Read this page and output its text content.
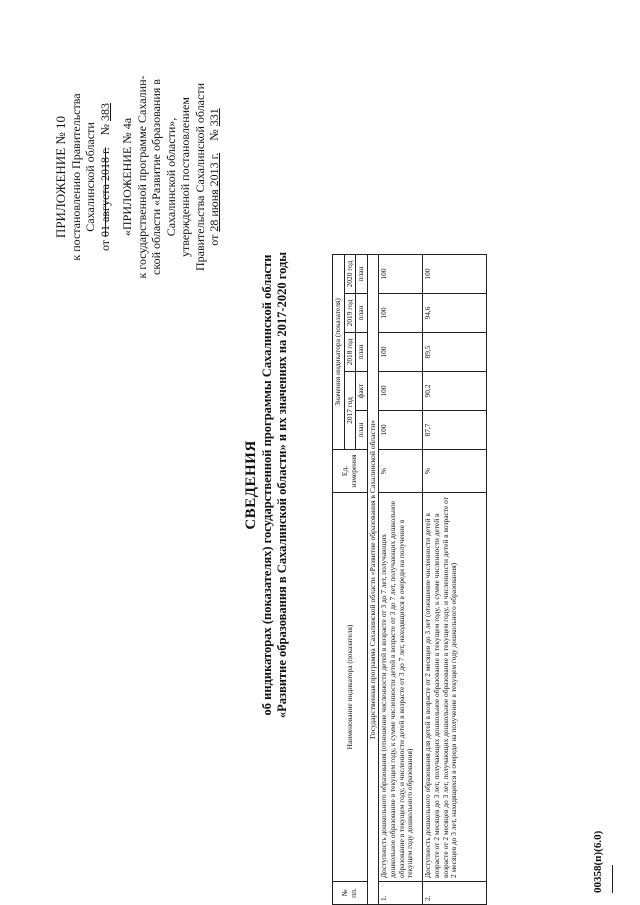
ПРИЛОЖЕНИЕ № 10 к постановлению Правительства Сахалинской области
от 01 августа 2018 г.    № 383
«ПРИЛОЖЕНИЕ № 4а к государственной программе Сахалин- ской области «Развитие образования в Сахалинской области», утвержденной постановлением Правительства Сахалинской области от 28 июня 2013 г.    № 331
СВЕДЕНИЯ об индикаторах (показателях) государственной программы Сахалинской области «Развитие образования в Сахалинской области» и их значениях на 2017-2020 годы
№ пп.	Наименование индикатора (показателя)	Ед. измерения	Значения индикатора (показателя)				
			2017 год		2018 год	2019 год	2020 год
			план	факт	план	план	план
Государственная программа Сахалинской области «Развитие образования в Сахалинской области»							
1.	Доступность дошкольного образования (отношение численности детей в возрасте от 3 до 7 лет, получающих дошкольное образование в текущем году, к сумме численности детей в возрасте от 3 до 7 лет, получающих дошкольное образование в текущем году, и численности детей в возрасте от 3 до 7 лет, находящихся в очереди на получение в текущем году дошкольного образования)	%	100	100	100	100	100
2.	Доступность дошкольного образования для детей в возрасте от 2 месяцев до 3 лет (отношение численности детей в возрасте от 2 месяцев до 3 лет, получающих дошкольное образование в текущем году, к сумме численности детей в возрасте от 2 месяцев до 3 лет, получающих дошкольное образование в текущем году, и численности детей в возрасте от 2 месяцев до 3 лет, находящихся в очереди на получение в текущем году дошкольного образования)	%	87,7	90,2	89,5	94,6	100
00358(п)(6.0)
